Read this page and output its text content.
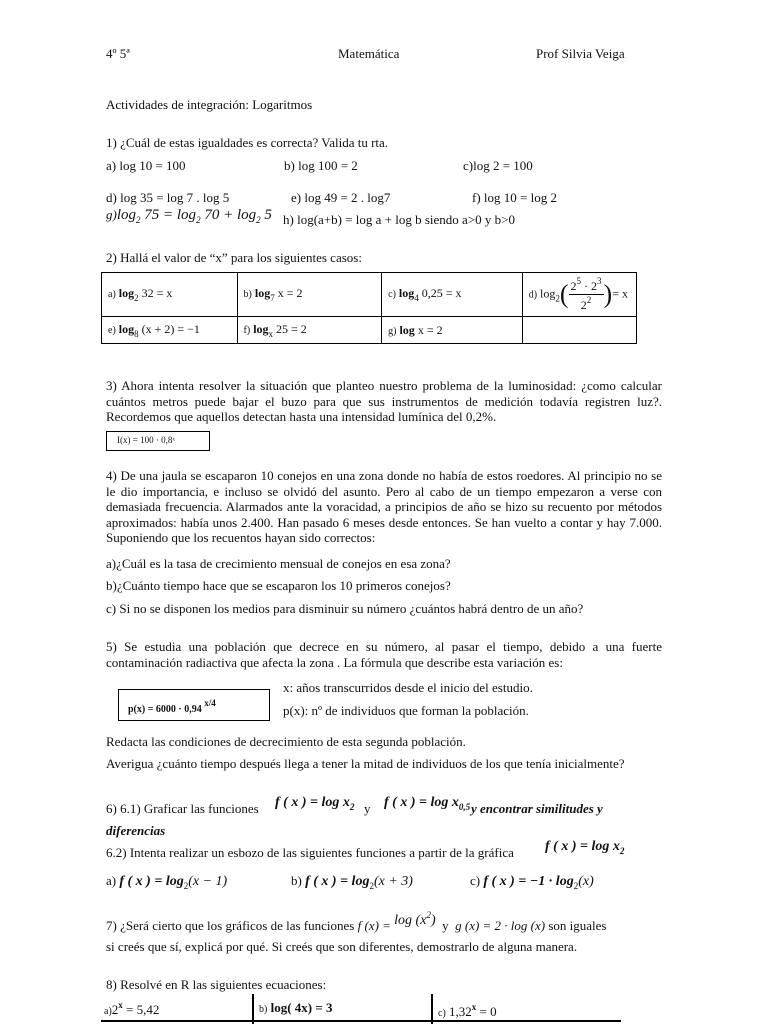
4º 5ª	Matemática	Prof Silvia Veiga
Actividades de integración: Logaritmos
1) ¿Cuál de estas igualdades es correcta? Valida tu rta.
a) log 10 = 100	b) log 100 = 2	c)log 2 = 100
d) log 35 = log 7 . log 5	e) log 49 = 2 . log7	f) log 10 = log 2
$g)\log_2$ $75 = \log_2 70 + \log_2 5$ h) log(a+b) = log a + log b siendo a>0 y b>0
2) Hallá el valor de “x” para los siguientes casos:
a) $\log_2 32 = x$	b) $\log_7 x = 2$	c) $\log_4 0,25 = x$	d) $\log_2( \frac{2^5 \cdot 2^3}{2^2}$ )= x
e) $\log_8 (x + 2) = -1$	f) $\log_x 25 = 2$	g) log x = 2	
3) Ahora intenta resolver la situación que planteo nuestro problema de la luminosidad: ¿como calcular cuántos metros puede bajar el buzo para que sus instrumentos de medición todavía registren luz?. Recordemos que aquellos detectan hasta una intensidad lumínica del 0,2%.
I(x) = 100 · 0,8ˣ
4) De una jaula se escaparon 10 conejos en una zona donde no había de estos roedores. Al principio no se le dio importancia, e incluso se olvidó del asunto. Pero al cabo de un tiempo empezaron a verse con demasiada frecuencia. Alarmados ante la voracidad, a principios de año se hizo su recuento por métodos aproximados: había unos 2.400. Han pasado 6 meses desde entonces. Se han vuelto a contar y hay 7.000. Suponiendo que los recuentos hayan sido correctos:
a)¿Cuál es la tasa de crecimiento mensual de conejos en esa zona?
b)¿Cuánto tiempo hace que se escaparon los 10 primeros conejos?
c) Si no se disponen los medios para disminuir su número ¿cuántos habrá dentro de un año?
5) Se estudia una población que decrece en su número, al pasar el tiempo, debido a una fuerte contaminación radiactiva que afecta la zona . La fórmula que describe esta variación es:
p(x) = 6000 · 0,94 $^{x/4}$
x: años transcurridos desde el inicio del estudio.
p(x): nº de individuos que forman la población.
Redacta las condiciones de decrecimiento de esta segunda población.
Averigua ¿cuánto tiempo después llega a tener la mitad de individuos de los que tenía inicialmente?
6) 6.1) Graficar las funciones f ( x ) = $\log x_2$ y f ( x ) = $\log x_{0,5}$ y encontrar similitudes y
diferencias
6.2) Intenta realizar un esbozo de las siguientes funciones a partir de la gráfica f ( x ) = $\log x_2$
a) f ( x ) = $\log_2(x - 1)$	b) f ( x ) = $\log_2(x + 3)$	c) f ( x ) = $-1 \cdot \log_2(x)$
7) ¿Será cierto que los gráficos de las funciones f $(x) = \log (x^2)$ y g (x) = 2 · log (x) son iguales
si creés que sí, explicá por qué. Si creés que son diferentes, demostrarlo de alguna manera.
8) Resolvé en R las siguientes ecuaciones:
$a)2^x = 5,42$	b) log( 4x) = 3	c) $1,32^x = 0$
